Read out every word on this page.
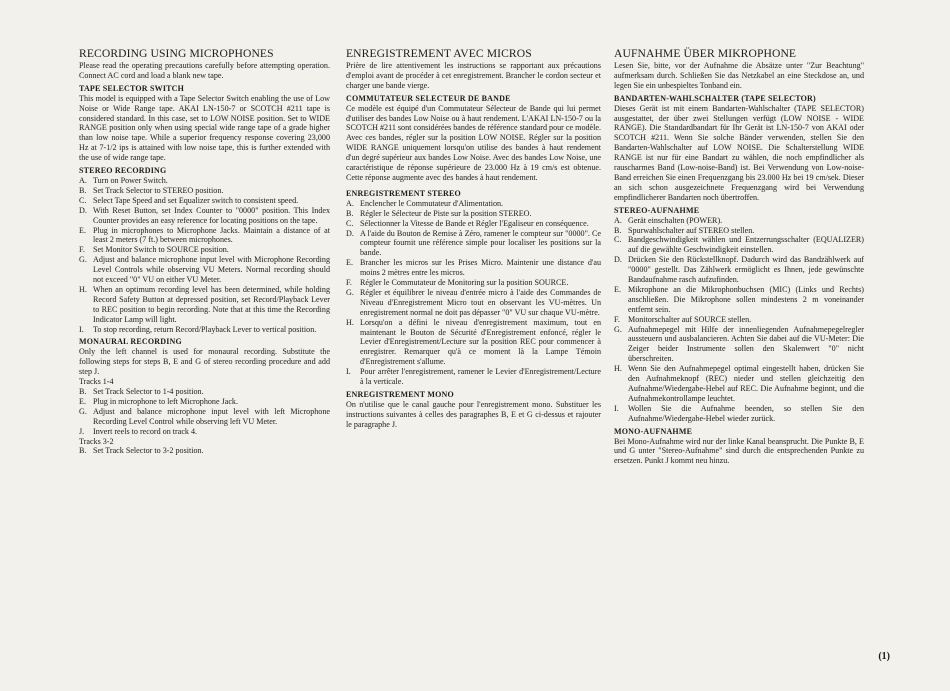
RECORDING USING MICROPHONES

Please read the operating precautions carefully before attempting operation. Connect AC cord and load a blank new tape.

TAPE SELECTOR SWITCH

This model is equipped with a Tape Selector Switch enabling the use of Low Noise or Wide Range tape. AKAI LN-150-7 or SCOTCH #211 tape is considered standard. In this case, set to LOW NOISE position. Set to WIDE RANGE position only when using special wide range tape of a grade higher than low noise tape. While a superior frequency response covering 23,000 Hz at 7-1/2 ips is attained with low noise tape, this is further extended with the use of wide range tape.

STEREO RECORDING
A. Turn on Power Switch.
B. Set Track Selector to STEREO position.
C. Select Tape Speed and set Equalizer switch to consistent speed.
D. With Reset Button, set Index Counter to "0000" position. This Index Counter provides an easy reference for locating positions on the tape.
E. Plug in microphones to Microphone Jacks. Maintain a distance of at least 2 meters (7 ft.) between microphones.
F.	Set Monitor Switch to SOURCE position.
G. Adjust and balance microphone input level with Microphone Recording Level Controls while observing VU Meters. Normal recording should not exceed "0" VU on either VU Meter.
H. When an optimum recording level has been determined, while holding Record Safety Button at depressed position, set Record/Playback Lever to REC position to begin recording. Note that at this time the Recording Indicator Lamp will light.
I.	To stop recording, return Record/Playback Lever to vertical position.
MONAURAL RECORDING

Only the left channel is used for monaural recording. Substitute the following steps for steps B, E and G of stereo recording procedure and add step J.

Tracks 1-4
B. Set Track Selector to 1-4 position.
E. Plug in microphone to left Microphone Jack.
G. Adjust and balance microphone input level with left Microphone Recording Level Control while observing left VU Meter.
J.	Invert reels to record on track 4.
Tracks 3-2
B. Set Track Selector to 3-2 position.
ENREGISTREMENT AVEC MICROS

Prière de lire attentivement les instructions se rapportant aux précautions d'emploi avant de procéder à cet enregistrement. Brancher le cordon secteur et charger une bande vierge.

COMMUTATEUR SELECTEUR DE BANDE

Ce modèle est équipé d'un Commutateur Sélecteur de Bande qui lui permet d'utiliser des bandes Low Noise ou à haut rendement. L'AKAI LN-150-7 ou la SCOTCH #211 sont considérées bandes de référence standard pour ce modèle. Avec ces bandes, régler sur la position LOW NOISE. Régler sur la position WIDE RANGE uniquement lorsqu'on utilise des bandes à haut rendement d'un degré supérieur aux bandes Low Noise. Avec des bandes Low Noise, une caractéristique de réponse supérieure de 23.000 Hz à 19 cm/s est obtenue. Cette réponse augmente avec des bandes à haut rendement.

ENREGISTREMENT STEREO
A. Enclencher le Commutateur d'Alimentation.
B. Régler le Sélecteur de Piste sur la position STEREO.
C. Sélectionner la Vitesse de Bande et Régler l'Egaliseur en conséquence.
D. A l'aide du Bouton de Remise à Zéro, ramener le compteur sur "0000". Ce compteur fournit une référence simple pour localiser les positions sur la bande.
E. Brancher les micros sur les Prises Micro. Maintenir une distance d'au moins 2 mètres entre les micros.
F.	Régler le Commutateur de Monitoring sur la position SOURCE.
G. Régler et équilibrer le niveau d'entrée micro à l'aide des Commandes de Niveau d'Enregistrement Micro tout en observant les VU-mètres. Un enregistrement normal ne doit pas dépasser "0" VU sur chaque VU-mètre.
H. Lorsqu'on a défini le niveau d'enregistrement maximum, tout en maintenant le Bouton de Sécurité d'Enregistrement enfoncé, régler le Levier d'Enregistrement/Lecture sur la position REC pour commencer à enregistrer. Remarquer qu'à ce moment là la Lampe Témoin d'Enregistrement s'allume.
I.	Pour arrêter l'enregistrement, ramener le Levier d'Enregistrement/Lecture à la verticale.
ENREGISTREMENT MONO

On n'utilise que le canal gauche pour l'enregistrement mono. Substituer les instructions suivantes à celles des paragraphes B, E et G ci-dessus et rajouter le paragraphe J.

AUFNAHME ÜBER MIKROPHONE

Lesen Sie, bitte, vor der Aufnahme die Absätze unter "Zur Beachtung" aufmerksam durch. Schließen Sie das Netzkabel an eine Steckdose an, und legen Sie ein unbespieltes Tonband ein.

BANDARTEN-WAHLSCHALTER (TAPE SELECTOR)

Dieses Gerät ist mit einem Bandarten-Wahlschalter (TAPE SELECTOR) ausgestattet, der über zwei Stellungen verfügt (LOW NOISE - WIDE RANGE). Die Standardbandart für Ihr Gerät ist LN-150-7 von AKAI oder SCOTCH #211. Wenn Sie solche Bänder verwenden, stellen Sie den Bandarten-Wahlschalter auf LOW NOISE. Die Schalterstellung WIDE RANGE ist nur für eine Bandart zu wählen, die noch empfindlicher als rauscharmes Band (Low-noise-Band) ist. Bei Verwendung von Low-noise-Band erreichen Sie einen Frequenzgang bis 23.000 Hz bei 19 cm/sek. Dieser an sich schon ausgezeichnete Frequenzgang wird bei Verwendung empfindlicherer Bandarten noch übertroffen.

STEREO-AUFNAHME
A. Gerät einschalten (POWER).
B. Spurwahlschalter auf STEREO stellen.
C. Bandgeschwindigkeit wählen und Entzerrungsschalter (EQUALIZER) auf die gewählte Geschwindigkeit einstellen.
D. Drücken Sie den Rückstellknopf. Dadurch wird das Bandzählwerk auf "0000" gestellt. Das Zählwerk ermöglicht es Ihnen, jede gewünschte Bandaufnahme rasch aufzufinden.
E. Mikrophone an die Mikrophonbuchsen (MIC) (Links und Rechts) anschließen. Die Mikrophone sollen mindestens 2 m voneinander entfernt sein.
F.	Monitorschalter auf SOURCE stellen.
G. Aufnahmepegel mit Hilfe der innenliegenden Aufnahmepegelregler aussteuern und ausbalancieren. Achten Sie dabei auf die VU-Meter: Die Zeiger beider Instrumente sollen den Skalenwert "0" nicht überschreiten.
H. Wenn Sie den Aufnahmepegel optimal eingestellt haben, drücken Sie den Aufnahmeknopf (REC) nieder und stellen gleichzeitig den Aufnahme/Wiedergabe-Hebel auf REC. Die Aufnahme beginnt, und die Aufnahmekontrollampe leuchtet.
I.	Wollen Sie die Aufnahme beenden, so stellen Sie den Aufnahme/Wiedergabe-Hebel wieder zurück.
MONO-AUFNAHME

Bei Mono-Aufnahme wird nur der linke Kanal beansprucht. Die Punkte B, E und G unter "Stereo-Aufnahme" sind durch die entsprechenden Punkte zu ersetzen. Punkt J kommt neu hinzu.

(1)
